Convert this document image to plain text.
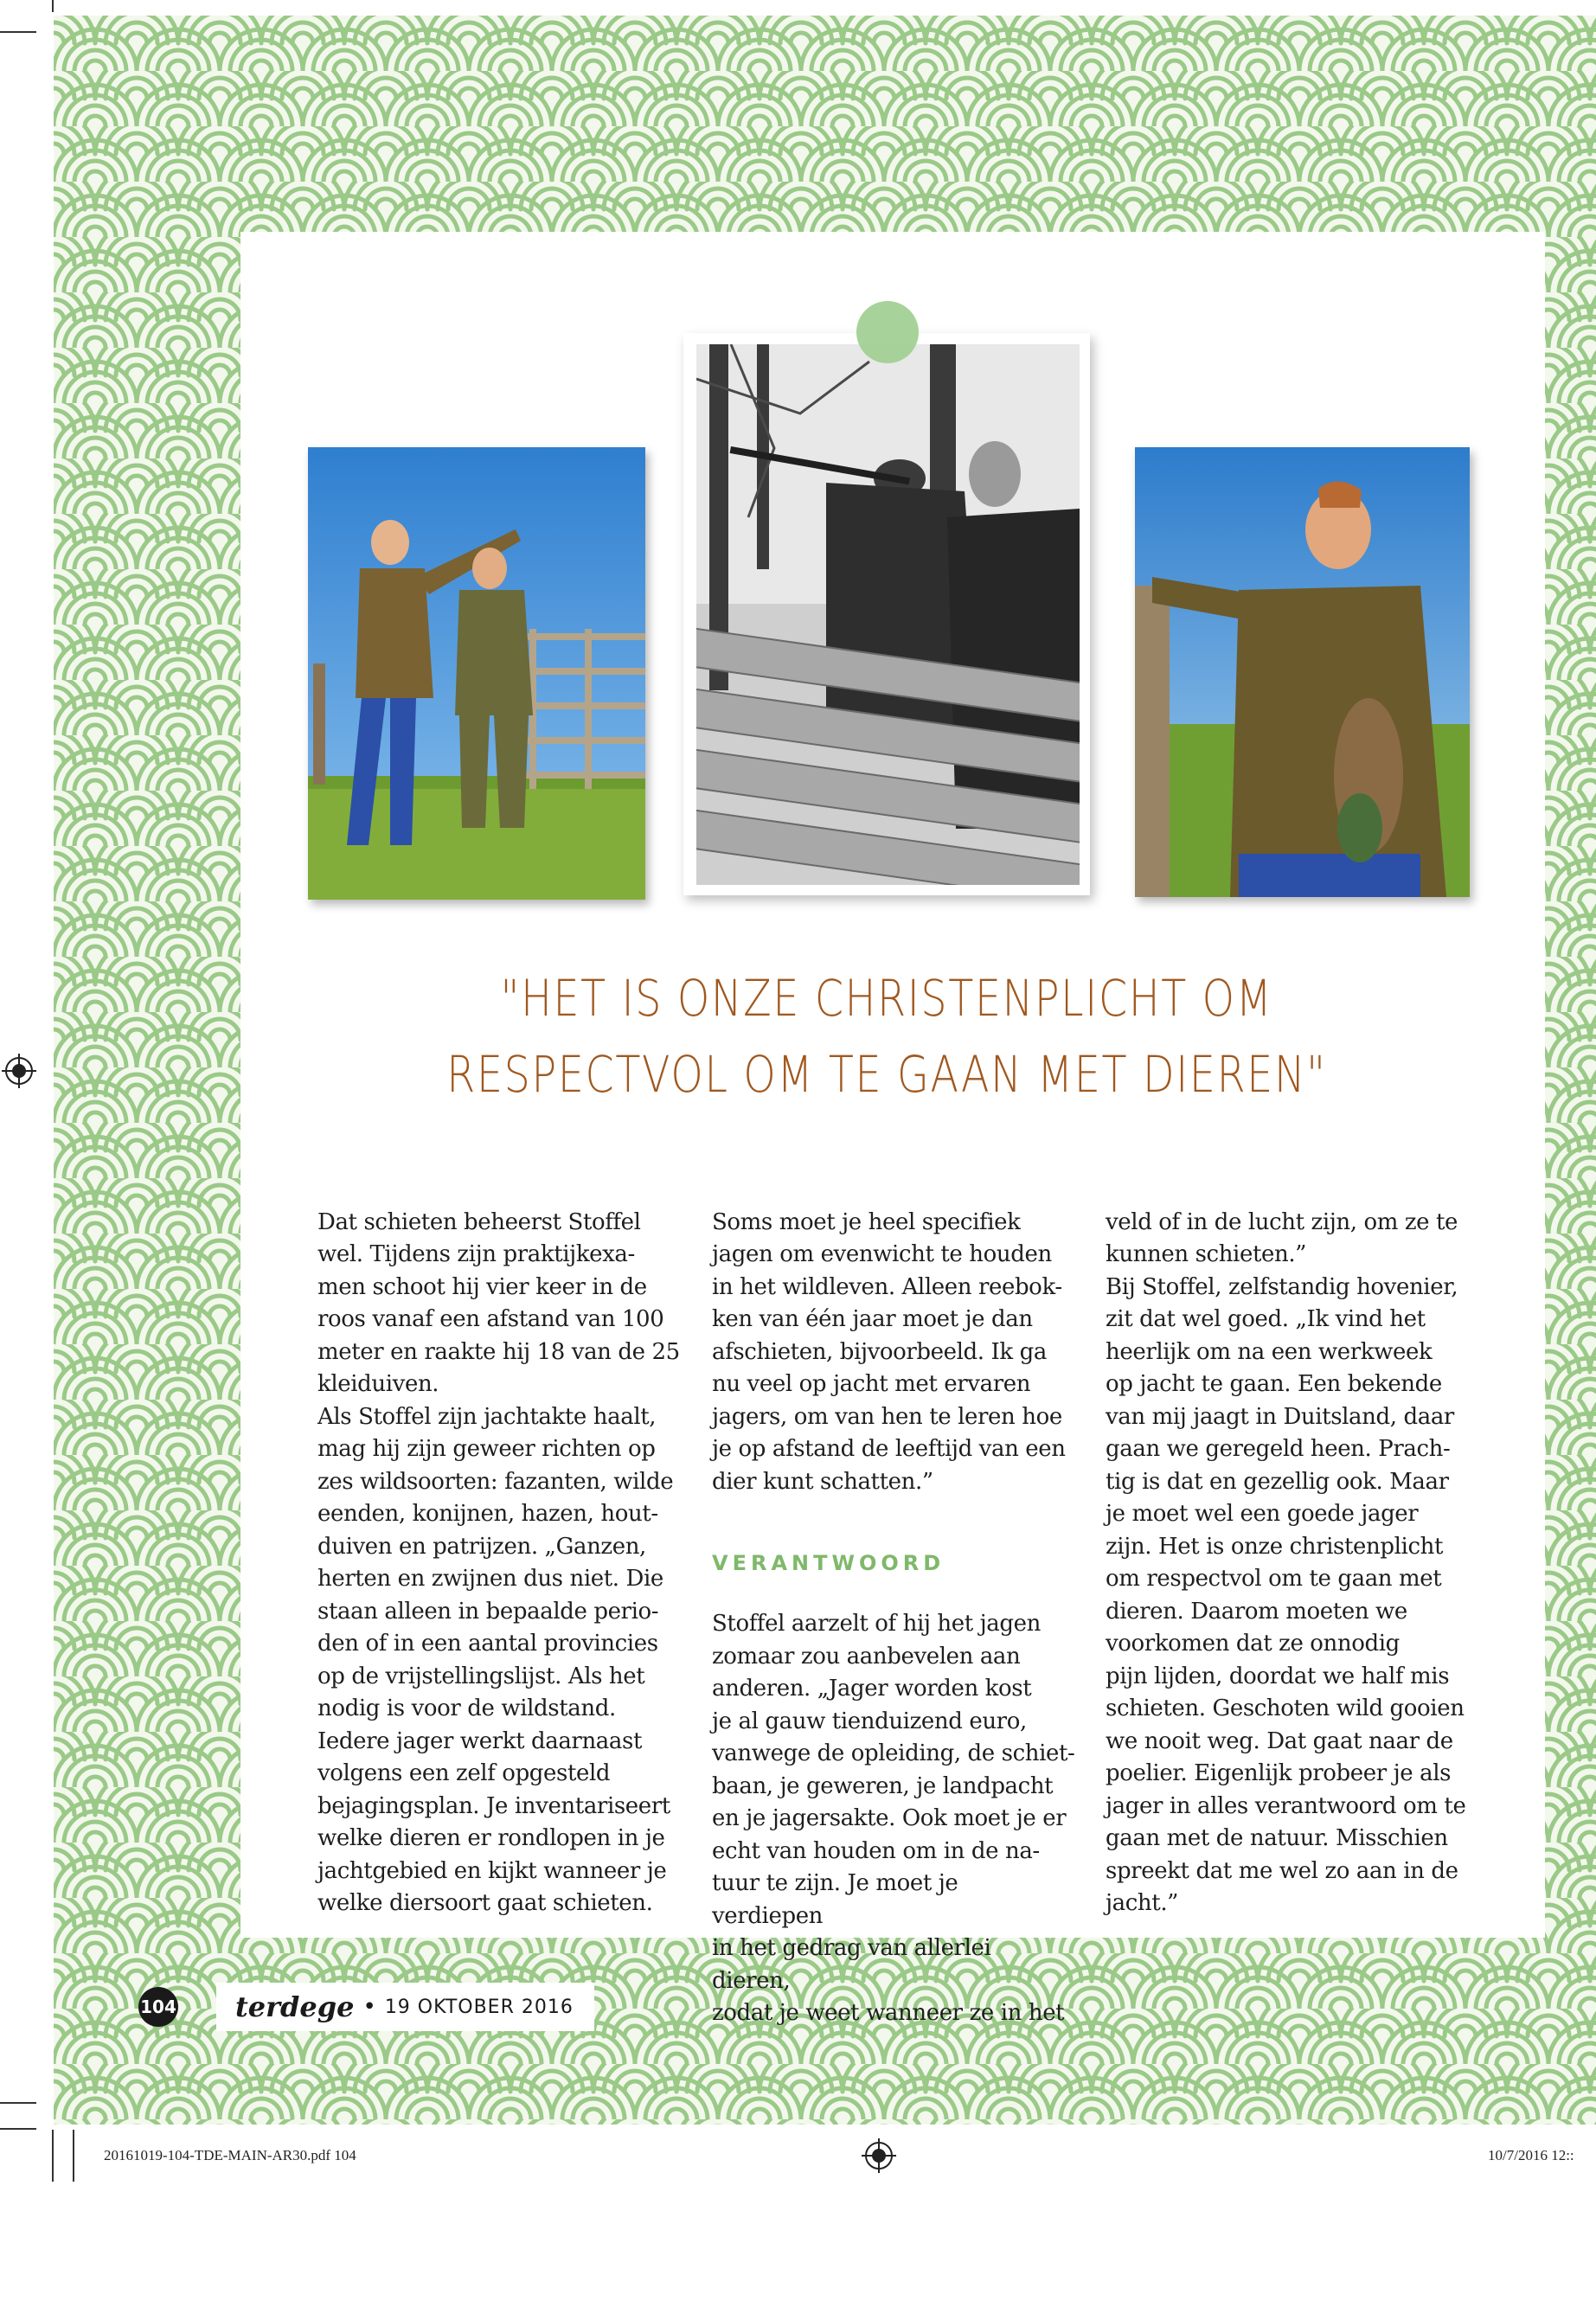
"HET IS ONZE CHRISTENPLICHT OM
RESPECTVOL OM TE GAAN MET DIEREN"

Dat schieten beheerst Stoffel
wel. Tijdens zijn praktijkexa-
men schoot hij vier keer in de
roos vanaf een afstand van 100
meter en raakte hij 18 van de 25
kleiduiven.
Als Stoffel zijn jachtakte haalt,
mag hij zijn geweer richten op
zes wildsoorten: fazanten, wilde
eenden, konijnen, hazen, hout-
duiven en patrijzen. „Ganzen,
herten en zwijnen dus niet. Die
staan alleen in bepaalde perio-
den of in een aantal provincies
op de vrijstellingslijst. Als het
nodig is voor de wildstand.
Iedere jager werkt daarnaast
volgens een zelf opgesteld
bejagingsplan. Je inventariseert
welke dieren er rondlopen in je
jachtgebied en kijkt wanneer je
welke diersoort gaat schieten.

Soms moet je heel specifiek
jagen om evenwicht te houden
in het wildleven. Alleen reebok-
ken van één jaar moet je dan
afschieten, bijvoorbeeld. Ik ga
nu veel op jacht met ervaren
jagers, om van hen te leren hoe
je op afstand de leeftijd van een
dier kunt schatten.”

VERANTWOORD

Stoffel aarzelt of hij het jagen
zomaar zou aanbevelen aan
anderen. „Jager worden kost
je al gauw tienduizend euro,
vanwege de opleiding, de schiet-
baan, je geweren, je landpacht
en je jagersakte. Ook moet je er
echt van houden om in de na-
tuur te zijn. Je moet je verdiepen
in het gedrag van allerlei dieren,
zodat je weet wanneer ze in het

veld of in de lucht zijn, om ze te
kunnen schieten.”
Bij Stoffel, zelfstandig hovenier,
zit dat wel goed. „Ik vind het
heerlijk om na een werkweek
op jacht te gaan. Een bekende
van mij jaagt in Duitsland, daar
gaan we geregeld heen. Prach-
tig is dat en gezellig ook. Maar
je moet wel een goede jager
zijn. Het is onze christenplicht
om respectvol om te gaan met
dieren. Daarom moeten we
voorkomen dat ze onnodig
pijn lijden, doordat we half mis
schieten. Geschoten wild gooien
we nooit weg. Dat gaat naar de
poelier. Eigenlijk probeer je als
jager in alles verantwoord om te
gaan met de natuur. Misschien
spreekt dat me wel zo aan in de
jacht.”

104 terdege • 19 OKTOBER 2016
20161019-104-TDE-MAIN-AR30.pdf 104	10/7/2016 12::
